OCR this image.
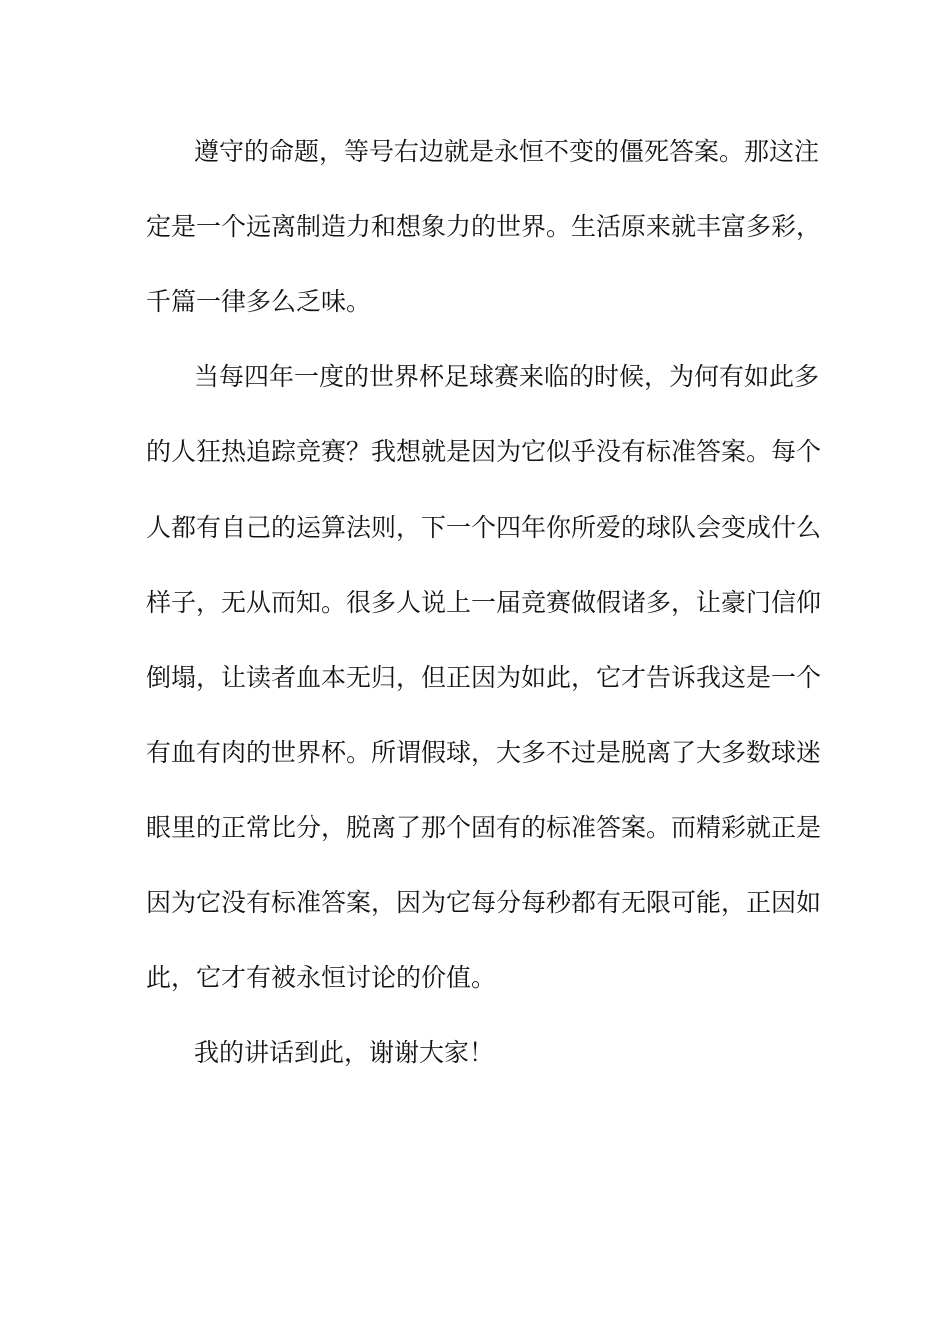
遵守的命题，等号右边就是永恒不变的僵死答案。那这注
定是一个远离制造力和想象力的世界。生活原来就丰富多彩，
千篇一律多么乏味。
当每四年一度的世界杯足球赛来临的时候，为何有如此多
的人狂热追踪竞赛？我想就是因为它似乎没有标准答案。每个
人都有自己的运算法则，下一个四年你所爱的球队会变成什么
样子，无从而知。很多人说上一届竞赛做假诸多，让豪门信仰
倒塌，让读者血本无归，但正因为如此，它才告诉我这是一个
有血有肉的世界杯。所谓假球，大多不过是脱离了大多数球迷
眼里的正常比分，脱离了那个固有的标准答案。而精彩就正是
因为它没有标准答案，因为它每分每秒都有无限可能，正因如
此，它才有被永恒讨论的价值。
我的讲话到此，谢谢大家！
